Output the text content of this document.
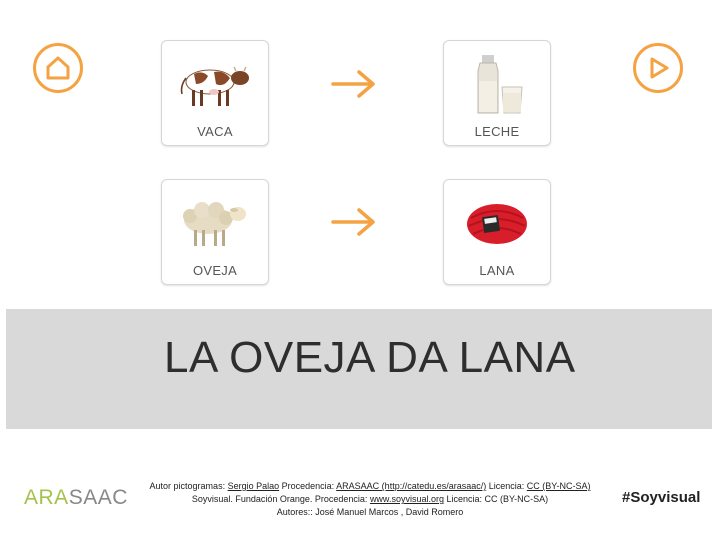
VACA	LECHE
OVEJA	LANA
LA OVEJA DA LANA
ARASAAC	Autor pictogramas: Sergio Palao Procedencia: ARASAAC (http://catedu.es/arasaac/) Licencia: CC (BY-NC-SA)
Soyvisual. Fundación Orange. Procedencia: www.soyvisual.org Licencia: CC (BY-NC-SA)
Autores:: José Manuel Marcos , David Romero
#Soyvisual
